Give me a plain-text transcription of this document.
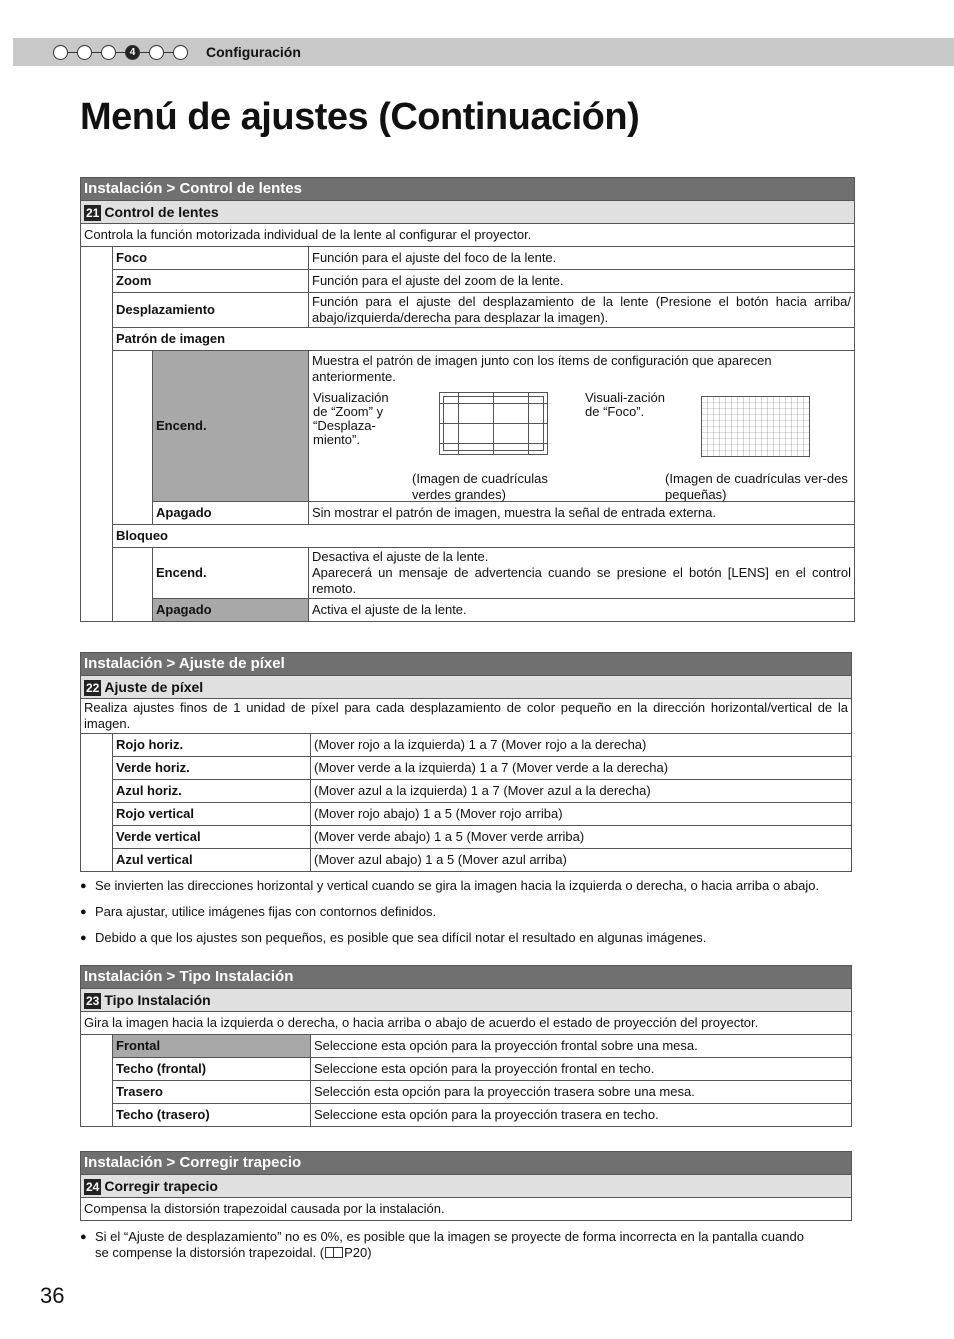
4	Configuración
Menú de ajustes (Continuación)
Instalación > Control de lentes			
21 Control de lentes			
Controla la función motorizada individual de la lente al configurar el proyector.			
	Foco		Función para el ajuste del foco de la lente.
	Zoom		Función para el ajuste del zoom de la lente.
	Desplazamiento		Función para el ajuste del desplazamiento de la lente (Presione el botón hacia arriba/ abajo/izquierda/derecha para desplazar la imagen).
	Patrón de imagen		
		Encend.	Muestra el patrón de imagen junto con los ítems de configuración que aparecen anteriormente.
Visualización de “Zoom” y “Desplaza-miento”.
Visuali-zación de “Foco”.
(Imagen de cuadrículas verdes grandes)
(Imagen de cuadrículas ver-des pequeñas)

		Apagado	Sin mostrar el patrón de imagen, muestra la señal de entrada externa.
	Bloqueo		
		Encend.	Desactiva el ajuste de la lente.
Aparecerá un mensaje de advertencia cuando se presione el botón [LENS] en el control remoto.

		Apagado	Activa el ajuste de la lente.
Instalación > Ajuste de píxel		
22 Ajuste de píxel		
Realiza ajustes finos de 1 unidad de píxel para cada desplazamiento de color pequeño en la dirección horizontal/vertical de la imagen.		
	Rojo horiz.	(Mover rojo a la izquierda) 1 a 7 (Mover rojo a la derecha)
	Verde horiz.	(Mover verde a la izquierda) 1 a 7 (Mover verde a la derecha)
	Azul horiz.	(Mover azul a la izquierda) 1 a 7 (Mover azul a la derecha)
	Rojo vertical	(Mover rojo abajo) 1 a 5 (Mover rojo arriba)
	Verde vertical	(Mover verde abajo) 1 a 5 (Mover verde arriba)
	Azul vertical	(Mover azul abajo) 1 a 5 (Mover azul arriba)
● Se invierten las direcciones horizontal y vertical cuando se gira la imagen hacia la izquierda o derecha, o hacia arriba o abajo.
● Para ajustar, utilice imágenes fijas con contornos definidos.
● Debido a que los ajustes son pequeños, es posible que sea difícil notar el resultado en algunas imágenes.
Instalación > Tipo Instalación		
23 Tipo Instalación		
Gira la imagen hacia la izquierda o derecha, o hacia arriba o abajo de acuerdo el estado de proyección del proyector.		
	Frontal	Seleccione esta opción para la proyección frontal sobre una mesa.
	Techo (frontal)	Seleccione esta opción para la proyección frontal en techo.
	Trasero	Selección esta opción para la proyección trasera sobre una mesa.
	Techo (trasero)	Seleccione esta opción para la proyección trasera en techo.
Instalación > Corregir trapecio
24 Corregir trapecio
Compensa la distorsión trapezoidal causada por la instalación.
● Si el “Ajuste de desplazamiento” no es 0%, es posible que la imagen se proyecte de forma incorrecta en la pantalla cuando se compense la distorsión trapezoidal. ( P20)
36
